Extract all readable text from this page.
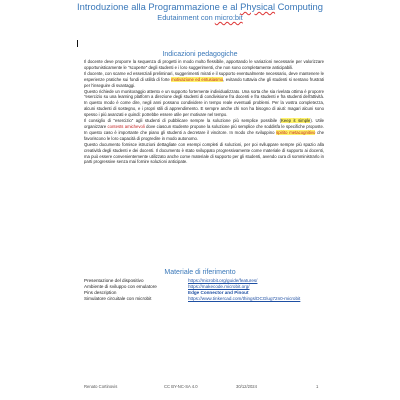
Introduzione alla Programmazione e al Physical Computing
Edutainment con micro:bit
Indicazioni pedagogiche

Il docente deve proporre la sequenza di progetti in modo molto flessibile, apportando le variazioni necessarie per valorizzare opportunisticamente le "scoperte" degli studenti e i loro suggerimenti, che non sono completamente anticipabili.

Il docente, con scarne ed essenziali preliminari, suggerimenti mirati e il supporto eventualmente necessario, deve mantenere le esperienze pratiche sui fondi di utilità di forte motivazione ed entusiasmo, evitando tuttavia che gli studenti si sentano frustrati per l'inseguire di svantaggi.

Questo richiede un monitoraggio attento e un supporto fortemente individualizzato. Una sorta che sia rivelata ottima è proporre "esercizio su una learning platform a direzione degli studenti di condivisione fra docenti e fra studenti e fra studenti dell'attività. In questo modo è come dire, negli anni possano condividere in tempo reale eventuali problemi. Per la vostra completezza, alcuni studenti di sostegno, e i propri stili di apprendimento. E sempre anche chi non ha bisogno di aiuti: magari alcuni sono spesso i più avanzati e quindi: potrebbe essere utile per motivare nel tempo.

Il consiglio di "esercizio" agli studenti di pubblicare sempre la soluzione più semplice possibile (Keep it simple). Utile organizzare contests amichevoli dove ciascun studente propone la soluzione più semplice che soddisfa le specifiche proposte. In questo caso è importante che piano gli studenti a decretare il vincitore. In modo che sviluppino spirito metacognitivo che favoriscono le loro capacità di progredire in modo autonomo.

Questo documento fornisce istruzioni dettagliate con esempi completi di soluzioni, per poi sviluppare sempre più spazio alla creatività degli studenti e dei docenti. Il documento è stato sviluppato progressivamente come materiale di supporto ai docenti, ma può essere convenientemente utilizzato anche come materiale di supporto per gli studenti, avendo cura di somministrarlo in parti progressive senza mai fornire soluzioni anticipate.

Materiale di riferimento
Presentazione del dispositivo	https://microbit.org/guide/features/
Ambiente di sviluppo con emulatore	https://makecode.microbit.org/
Pins description	Edge Connector and Pinout
Simulatore circuitale con microbit	https://www.tinkercad.com/things/DCGlug72n0-microbit
Renato Cortinovis	CC BY-NC-SA 4.0	30/12/2024	1
